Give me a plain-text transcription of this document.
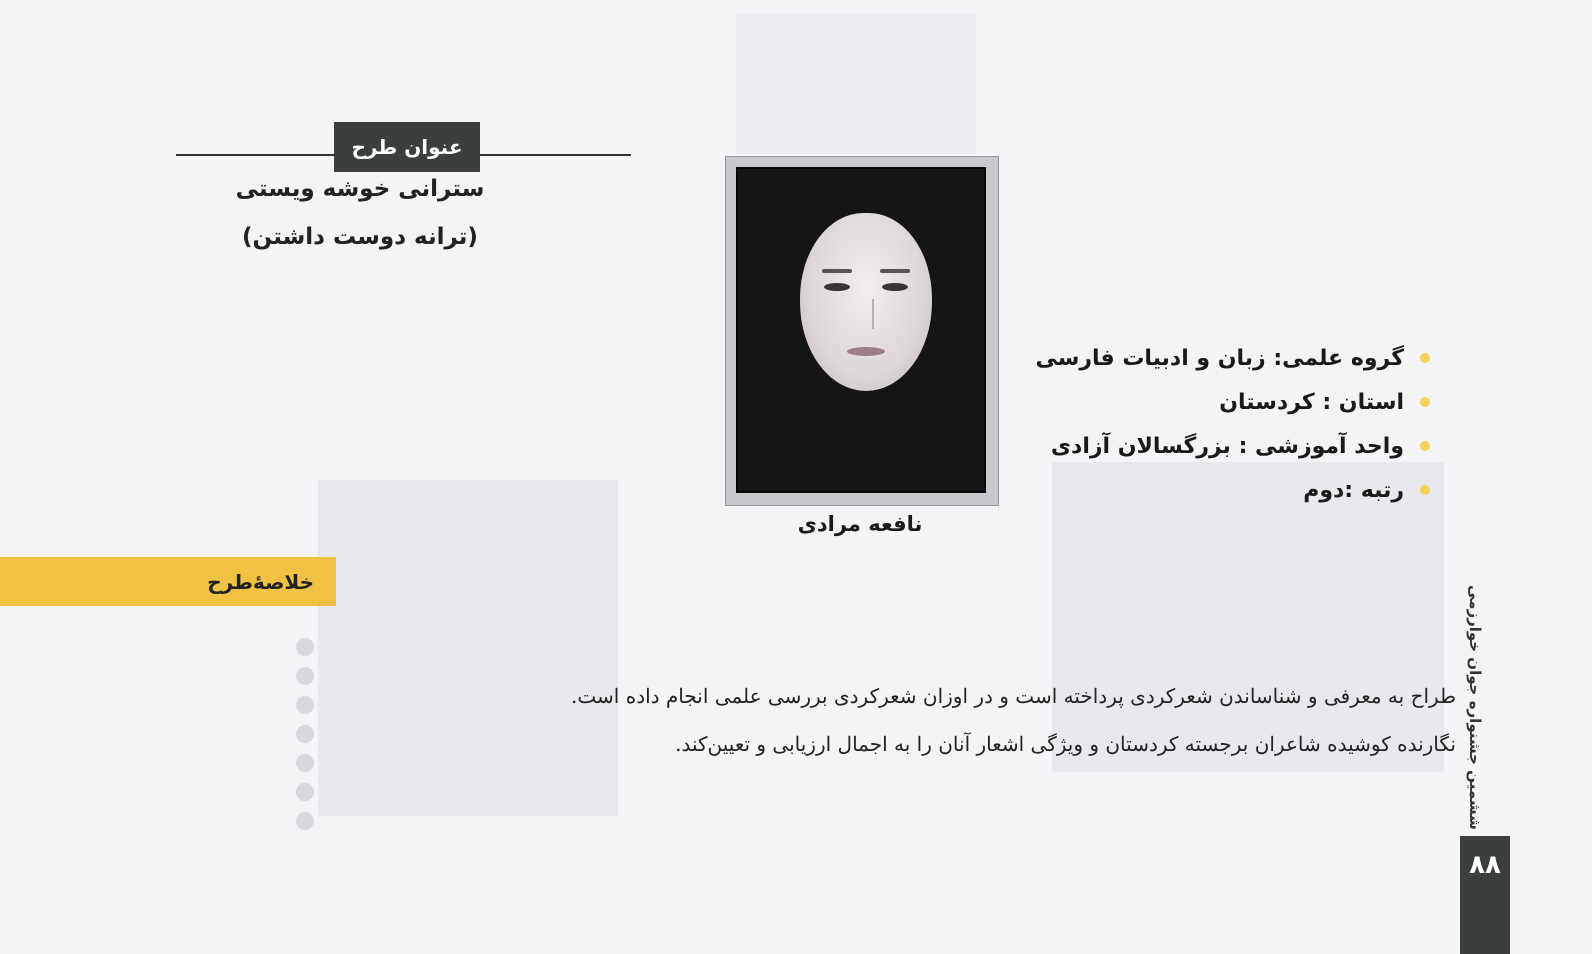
عنوان طرح
سترانی خوشه ویستی
(ترانه دوست داشتن)
نافعه مرادی
گروه علمی: زبان و ادبیات فارسی
استان : کردستان
واحد آموزشی : بزرگسالان آزادی
رتبه :دوم
خلاصۀطرح
طراح به معرفی و شناساندن شعرکردی پرداخته است و در اوزان شعرکردی بررسی علمی انجام داده است.
نگارنده کوشیده شاعران برجسته کردستان و ویژگی اشعار آنان را به اجمال ارزیابی و تعیین‌کند. ششمین جشنواره جوان خوارزمی
۸۸
